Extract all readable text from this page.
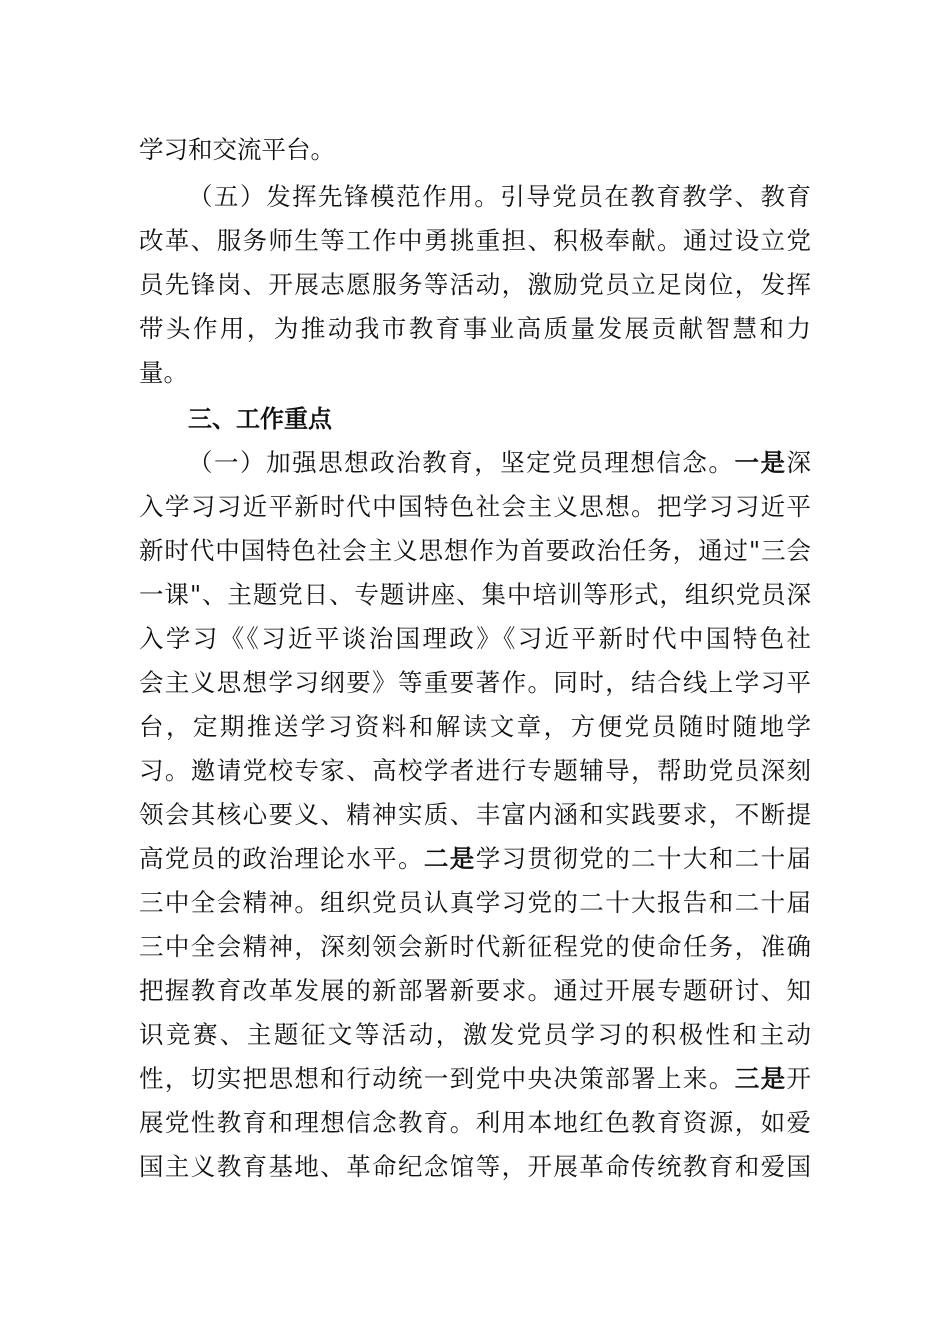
学习和交流平台。
（五）发挥先锋模范作用。引导党员在教育教学、教育
改革、服务师生等工作中勇挑重担、积极奉献。通过设立党
员先锋岗、开展志愿服务等活动，激励党员立足岗位，发挥
带头作用，为推动我市教育事业高质量发展贡献智慧和力
量。
三、工作重点
（一）加强思想政治教育，坚定党员理想信念。一是深
入学习习近平新时代中国特色社会主义思想。把学习习近平
新时代中国特色社会主义思想作为首要政治任务，通过"三会
一课"、主题党日、专题讲座、集中培训等形式，组织党员深
入学习《《习近平谈治国理政》《习近平新时代中国特色社
会主义思想学习纲要》等重要著作。同时，结合线上学习平
台，定期推送学习资料和解读文章，方便党员随时随地学
习。邀请党校专家、高校学者进行专题辅导，帮助党员深刻
领会其核心要义、精神实质、丰富内涵和实践要求，不断提
高党员的政治理论水平。二是学习贯彻党的二十大和二十届
三中全会精神。组织党员认真学习党的二十大报告和二十届
三中全会精神，深刻领会新时代新征程党的使命任务，准确
把握教育改革发展的新部署新要求。通过开展专题研讨、知
识竞赛、主题征文等活动，激发党员学习的积极性和主动
性，切实把思想和行动统一到党中央决策部署上来。三是开
展党性教育和理想信念教育。利用本地红色教育资源，如爱
国主义教育基地、革命纪念馆等，开展革命传统教育和爱国
